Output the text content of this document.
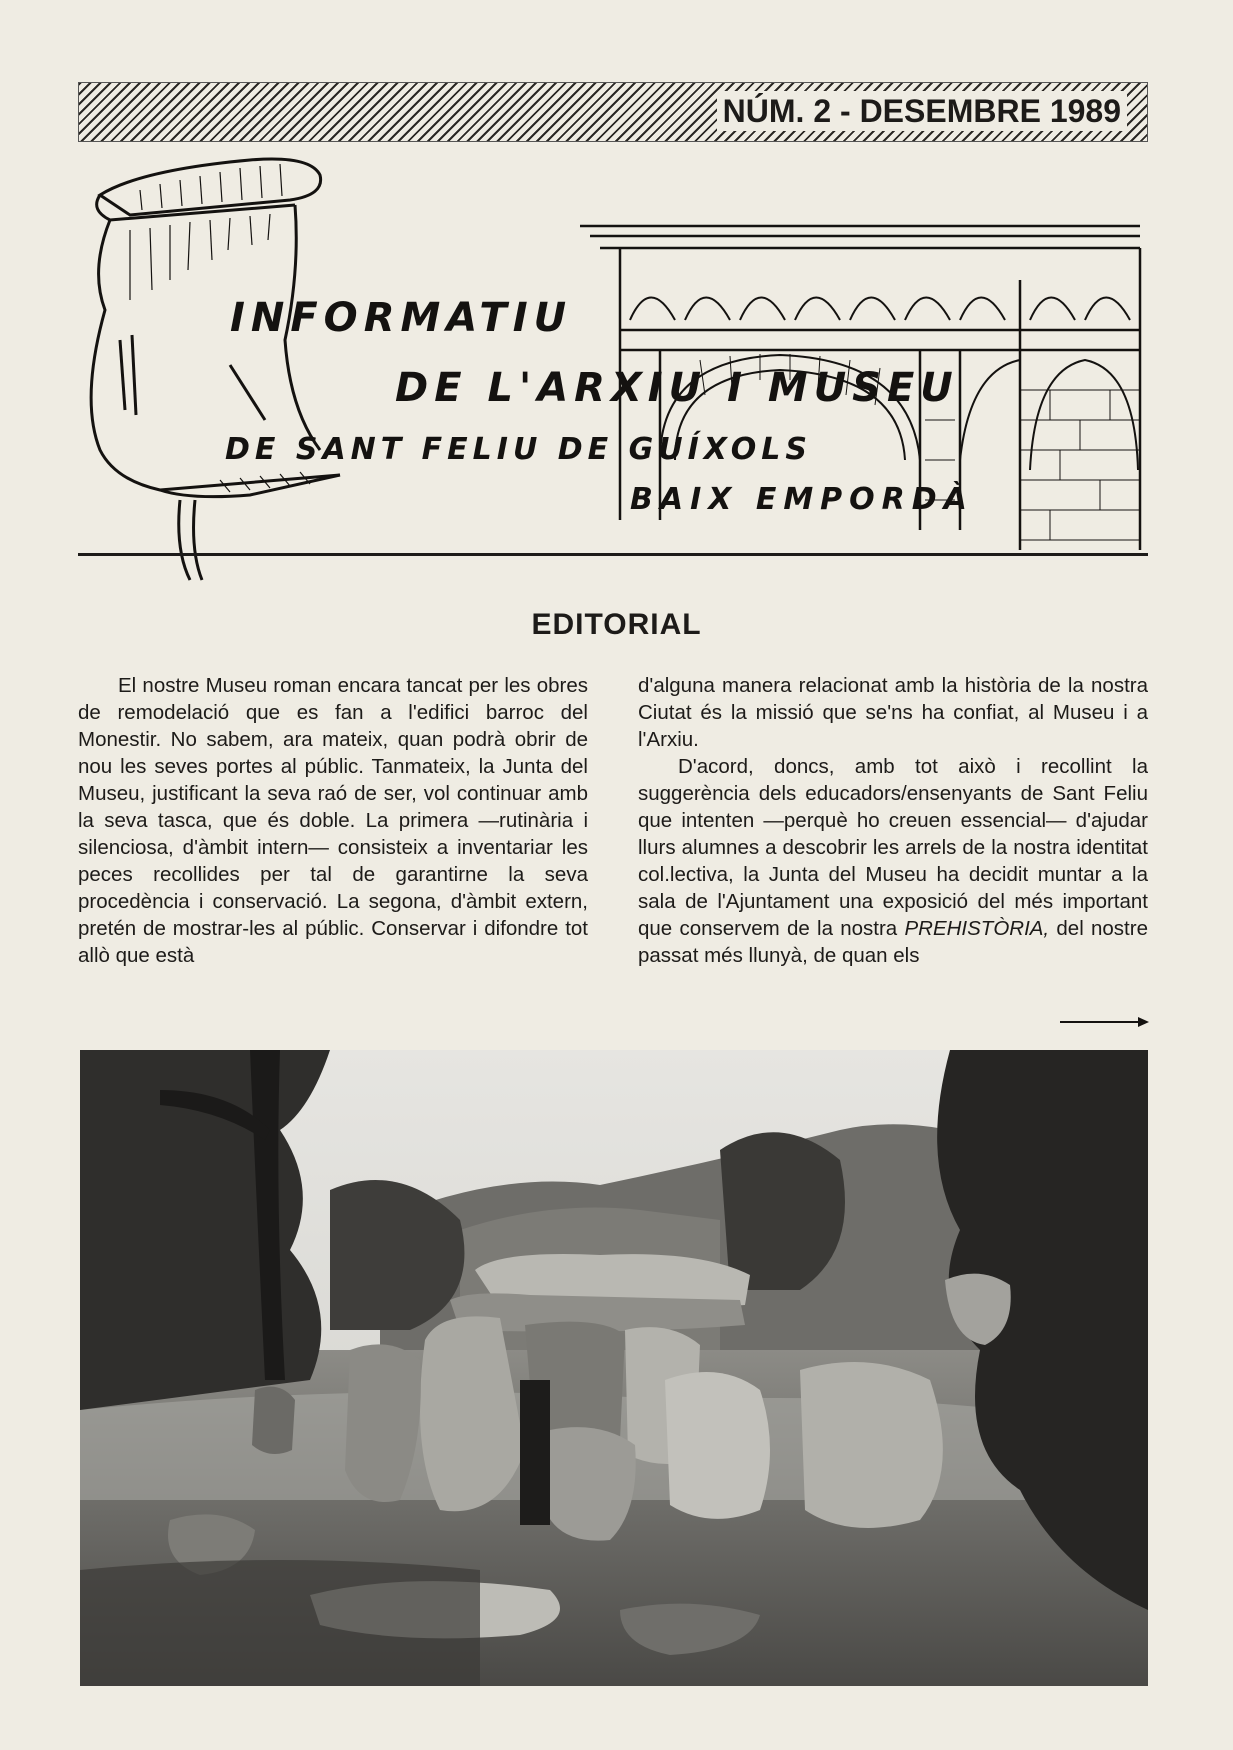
NÚM. 2 - DESEMBRE 1989
INFORMATIU
DE L'ARXIU I MUSEU
DE SANT FELIU DE GUÍXOLS
BAIX EMPORDÀ
EDITORIAL

El nostre Museu roman encara tancat per les obres de remodelació que es fan a l'edifici barroc del Monestir. No sabem, ara mateix, quan podrà obrir de nou les seves portes al públic. Tanmateix, la Junta del Museu, justificant la seva raó de ser, vol continuar amb la seva tasca, que és doble. La primera —rutinària i silenciosa, d'àmbit intern— consisteix a inventariar les peces recollides per tal de garantirne la seva procedència i conservació. La segona, d'àmbit extern, pretén de mostrar-les al públic. Conservar i difondre tot allò que està

d'alguna manera relacionat amb la història de la nostra Ciutat és la missió que se'ns ha confiat, al Museu i a l'Arxiu.

D'acord, doncs, amb tot això i recollint la suggerència dels educadors/ensenyants de Sant Feliu que intenten —perquè ho creuen essencial— d'ajudar llurs alumnes a descobrir les arrels de la nostra identitat col.lectiva, la Junta del Museu ha decidit muntar a la sala de l'Ajuntament una exposició del més important que conservem de la nostra PREHISTÒRIA, del nostre passat més llunyà, de quan els
